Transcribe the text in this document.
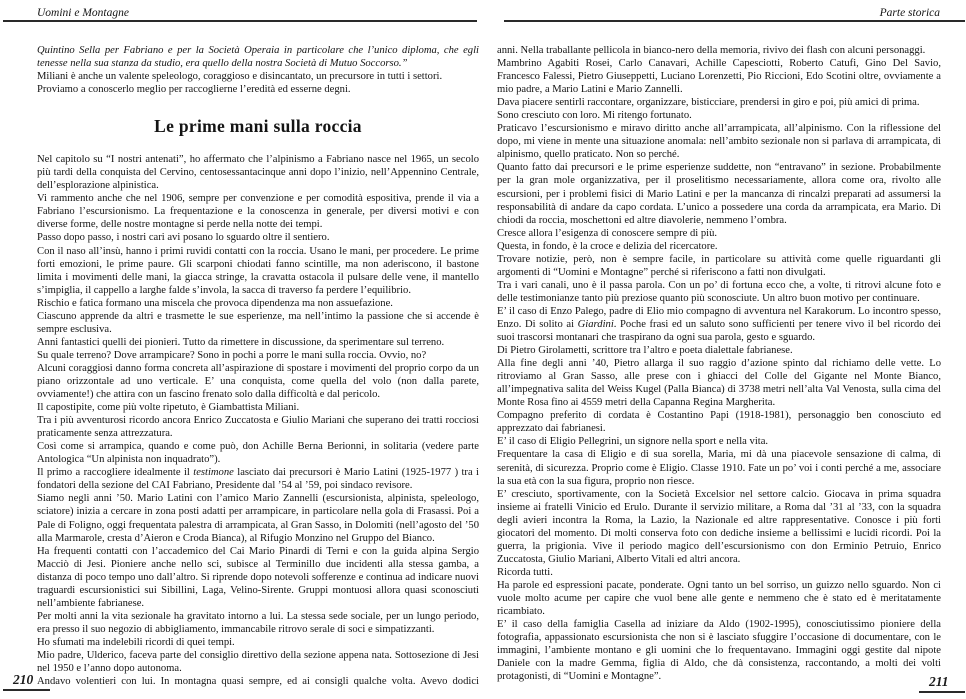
Uomini e Montagne	Parte storica

Quintino Sella per Fabriano e per la Società Operaia in particolare che l’unico diploma, che egli tenesse nella sua stanza da studio, era quello della nostra Società di Mutuo Soccorso.”

Miliani è anche un valente speleologo, coraggioso e disincantato, un precursore in tutti i settori.

Proviamo a conoscerlo meglio per raccoglierne l’eredità ed esserne degni.

Le prime mani sulla roccia

Nel capitolo su “I nostri antenati”, ho affermato che l’alpinismo a Fabriano nasce nel 1965, un secolo più tardi della conquista del Cervino, centosessantacinque anni dopo l’inizio, nell’Appennino Centrale, dell’esplorazione alpinistica.

Vi rammento anche che nel 1906, sempre per convenzione e per comodità espositiva, prende il via a Fabriano l’escursionismo. La frequentazione e la conoscenza in generale, per diversi motivi e con diverse forme, delle nostre montagne si perde nella notte dei tempi.

Passo dopo passo, i nostri cari avi posano lo sguardo oltre il sentiero.

Con il naso all’insù, hanno i primi ruvidi contatti con la roccia. Usano le mani, per procedere. Le prime forti emozioni, le prime paure. Gli scarponi chiodati fanno scintille, ma non aderiscono, il bastone limita i movimenti delle mani, la giacca stringe, la cravatta ostacola il pulsare delle vene, il mantello s’impiglia, il cappello a larghe falde s’invola, la sacca di traverso fa perdere l’equilibrio.

Rischio e fatica formano una miscela che provoca dipendenza ma non assuefazione.

Ciascuno apprende da altri e trasmette le sue esperienze, ma nell’intimo la passione che si accende è sempre esclusiva.

Anni fantastici quelli dei pionieri. Tutto da rimettere in discussione, da sperimentare sul terreno.

Su quale terreno? Dove arrampicare? Sono in pochi a porre le mani sulla roccia. Ovvio, no?

Alcuni coraggiosi danno forma concreta all’aspirazione di spostare i movimenti del proprio corpo da un piano orizzontale ad uno verticale. E’ una conquista, come quella del volo (non dalla parete, ovviamente!) che attira con un fascino frenato solo dalla difficoltà e dal pericolo.

Il capostipite, come più volte ripetuto, è Giambattista Miliani.

Tra i più avventurosi ricordo ancora Enrico Zuccatosta e Giulio Mariani che superano dei tratti rocciosi praticamente senza attrezzatura.

Così come si arrampica, quando e come può, don Achille Berna Berionni, in solitaria (vedere parte Antologica “Un alpinista non inquadrato”).

Il primo a raccogliere idealmente il testimone lasciato dai precursori è Mario Latini (1925-1977 ) tra i fondatori della sezione del CAI Fabriano, Presidente dal ’54 al ’59, poi sindaco revisore.

Siamo negli anni ’50. Mario Latini con l’amico Mario Zannelli (escursionista, alpinista, speleologo, sciatore) inizia a cercare in zona posti adatti per arrampicare, in particolare nella gola di Frasassi. Poi a Pale di Foligno, oggi frequentata palestra di arrampicata, al Gran Sasso, in Dolomiti (nell’agosto del ’50 alla Marmarole, cresta d’Aieron e Croda Bianca), al Rifugio Monzino nel Gruppo del Bianco.

Ha frequenti contatti con l’accademico del Cai Mario Pinardi di Terni e con la guida alpina Sergio Macciò di Jesi. Pioniere anche nello sci, subisce al Terminillo due incidenti alla stessa gamba, a distanza di poco tempo uno dall’altro. Si riprende dopo notevoli sofferenze e continua ad indicare nuovi traguardi escursionistici sui Sibillini, Laga, Velino-Sirente. Gruppi montuosi allora quasi sconosciuti nell’ambiente fabrianese.

Per molti anni la vita sezionale ha gravitato intorno a lui. La stessa sede sociale, per un lungo periodo, era presso il suo negozio di abbigliamento, immancabile ritrovo serale di soci e simpatizzanti.

Ho sfumati ma indelebili ricordi di quei tempi.

Mio padre, Ulderico, faceva parte del consiglio direttivo della sezione appena nata. Sottosezione di Jesi nel 1950 e l’anno dopo autonoma.

Andavo volentieri con lui. In montagna quasi sempre, ed ai consigli qualche volta. Avevo dodici

anni. Nella traballante pellicola in bianco-nero della memoria, rivivo dei flash con alcuni personaggi.

Mambrino Agabiti Rosei, Carlo Canavari, Achille Capesciotti, Roberto Catufi, Gino Del Savio, Francesco Falessi, Pietro Giuseppetti, Luciano Lorenzetti, Pio Riccioni, Edo Scotini oltre, ovviamente a mio padre, a Mario Latini e Mario Zannelli.

Dava piacere sentirli raccontare, organizzare, bisticciare, prendersi in giro e poi, più amici di prima.

Sono cresciuto con loro. Mi ritengo fortunato.

Praticavo l’escursionismo e miravo diritto anche all’arrampicata, all’alpinismo. Con la riflessione del dopo, mi viene in mente una situazione anomala: nell’ambito sezionale non si parlava di arrampicata, di alpinismo, quello praticato. Non so perché.

Quanto fatto dai precursori e le prime esperienze suddette, non “entravano” in sezione. Probabilmente per la gran mole organizzativa, per il proselitismo necessariamente, allora come ora, rivolto alle escursioni, per i problemi fisici di Mario Latini e per la mancanza di rincalzi preparati ad assumersi la responsabilità di andare da capo cordata. L’unico a possedere una corda da arrampicata, era Mario. Di chiodi da roccia, moschettoni ed altre diavolerie, nemmeno l’ombra.

Cresce allora l’esigenza di conoscere sempre di più.

Questa, in fondo, è la croce e delizia del ricercatore.

Trovare notizie, però, non è sempre facile, in particolare su attività come quelle riguardanti gli argomenti di “Uomini e Montagne” perché si riferiscono a fatti non divulgati.

Tra i vari canali, uno è il passa parola. Con un po’ di fortuna ecco che, a volte, ti ritrovi alcune foto e delle testimonianze tanto più preziose quanto più sconosciute. Un altro buon motivo per continuare.

E’ il caso di Enzo Palego, padre di Elio mio compagno di avventura nel Karakorum. Lo incontro spesso, Enzo. Di solito ai Giardini. Poche frasi ed un saluto sono sufficienti per tenere vivo il bel ricordo dei suoi trascorsi montanari che traspirano da ogni sua parola, gesto e sguardo.

Di Pietro Girolametti, scrittore tra l’altro e poeta dialettale fabrianese.

Alla fine degli anni ’40, Pietro allarga il suo raggio d’azione spinto dal richiamo delle vette. Lo ritroviamo al Gran Sasso, alle prese con i ghiacci del Colle del Gigante nel Monte Bianco, all’impegnativa salita del Weiss Kugel (Palla Bianca) di 3738 metri nell’alta Val Venosta, sulla cima del Monte Rosa fino ai 4559 metri della Capanna Regina Margherita.

Compagno preferito di cordata è Costantino Papi (1918-1981), personaggio ben conosciuto ed apprezzato dai fabrianesi.

E’ il caso di Eligio Pellegrini, un signore nella sport e nella vita.

Frequentare la casa di Eligio e di sua sorella, Maria, mi dà una piacevole sensazione di calma, di serenità, di sicurezza. Proprio come è Eligio. Classe 1910. Fate un po’ voi i conti perché a me, associare la sua età con la sua figura, proprio non riesce.

E’ cresciuto, sportivamente, con la Società Excelsior nel settore calcio. Giocava in prima squadra insieme ai fratelli Vinicio ed Erulo. Durante il servizio militare, a Roma dal ’31 al ’33, con la squadra degli avieri incontra la Roma, la Lazio, la Nazionale ed altre rappresentative. Conosce i più forti giocatori del momento. Di molti conserva foto con dediche insieme a bellissimi e lucidi ricordi. Poi la guerra, la prigionia. Vive il periodo magico dell’escursionismo con don Erminio Petruio, Enrico Zuccatosta, Giulio Mariani, Alberto Vitali ed altri ancora.

Ricorda tutti.

Ha parole ed espressioni pacate, ponderate. Ogni tanto un bel sorriso, un guizzo nello sguardo. Non ci vuole molto acume per capire che vuol bene alle gente e nemmeno che è stato ed è meritatamente ricambiato.

E’ il caso della famiglia Casella ad iniziare da Aldo (1902-1995), conosciutissimo pioniere della fotografia, appassionato escursionista che non si è lasciato sfuggire l’occasione di documentare, con le immagini, l’ambiente montano e gli uomini che lo frequentavano. Immagini oggi gestite dal nipote Daniele con la madre Gemma, figlia di Aldo, che dà consistenza, raccontando, a molti dei volti protagonisti, di “Uomini e Montagne”.

210	211
